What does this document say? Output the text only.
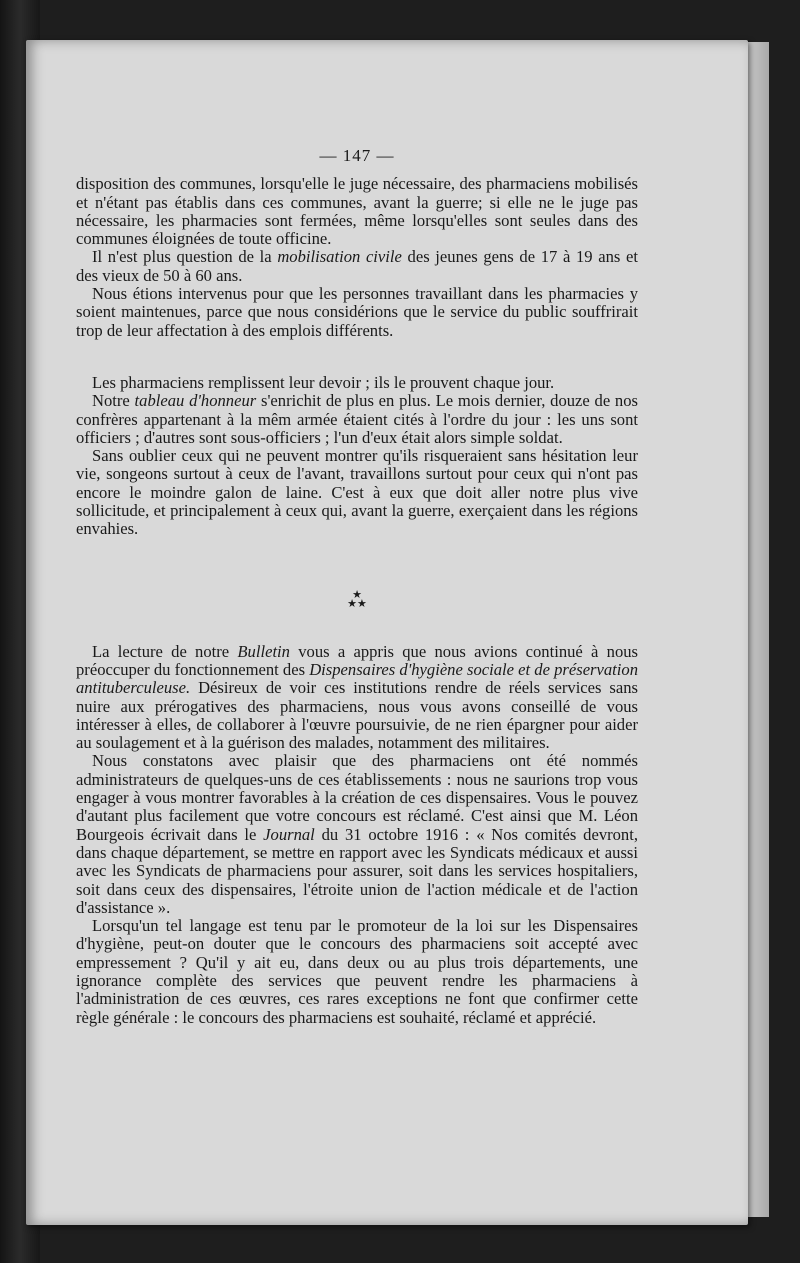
— 147 —

disposition des communes, lorsqu'elle le juge nécessaire, des pharmaciens mobilisés et n'étant pas établis dans ces communes, avant la guerre; si elle ne le juge pas nécessaire, les pharmacies sont fermées, même lorsqu'elles sont seules dans des communes éloignées de toute officine.

Il n'est plus question de la mobilisation civile des jeunes gens de 17 à 19 ans et des vieux de 50 à 60 ans.

Nous étions intervenus pour que les personnes travaillant dans les pharmacies y soient maintenues, parce que nous considérions que le service du public souffrirait trop de leur affectation à des emplois différents.

Les pharmaciens remplissent leur devoir ; ils le prouvent chaque jour.

Notre tableau d'honneur s'enrichit de plus en plus. Le mois dernier, douze de nos confrères appartenant à la mêm armée étaient cités à l'ordre du jour : les uns sont officiers ; d'autres sont sous-officiers ; l'un d'eux était alors simple soldat.

Sans oublier ceux qui ne peuvent montrer qu'ils risqueraient sans hésitation leur vie, songeons surtout à ceux de l'avant, travaillons surtout pour ceux qui n'ont pas encore le moindre galon de laine. C'est à eux que doit aller notre plus vive sollicitude, et principalement à ceux qui, avant la guerre, exerçaient dans les régions envahies.

★
★★

La lecture de notre Bulletin vous a appris que nous avions continué à nous préoccuper du fonctionnement des Dispensaires d'hygiène sociale et de préservation antituberculeuse. Désireux de voir ces institutions rendre de réels services sans nuire aux prérogatives des pharmaciens, nous vous avons conseillé de vous intéresser à elles, de collaborer à l'œuvre poursuivie, de ne rien épargner pour aider au soulagement et à la guérison des malades, notamment des militaires.

Nous constatons avec plaisir que des pharmaciens ont été nommés administrateurs de quelques-uns de ces établissements : nous ne saurions trop vous engager à vous montrer favorables à la création de ces dispensaires. Vous le pouvez d'autant plus facilement que votre concours est réclamé. C'est ainsi que M. Léon Bourgeois écrivait dans le Journal du 31 octobre 1916 : « Nos comités devront, dans chaque département, se mettre en rapport avec les Syndicats médicaux et aussi avec les Syndicats de pharmaciens pour assurer, soit dans les services hospitaliers, soit dans ceux des dispensaires, l'étroite union de l'action médicale et de l'action d'assistance ».

Lorsqu'un tel langage est tenu par le promoteur de la loi sur les Dispensaires d'hygiène, peut-on douter que le concours des pharmaciens soit accepté avec empressement ? Qu'il y ait eu, dans deux ou au plus trois départements, une ignorance complète des services que peuvent rendre les pharmaciens à l'administration de ces œuvres, ces rares exceptions ne font que confirmer cette règle générale : le concours des pharmaciens est souhaité, réclamé et apprécié.
